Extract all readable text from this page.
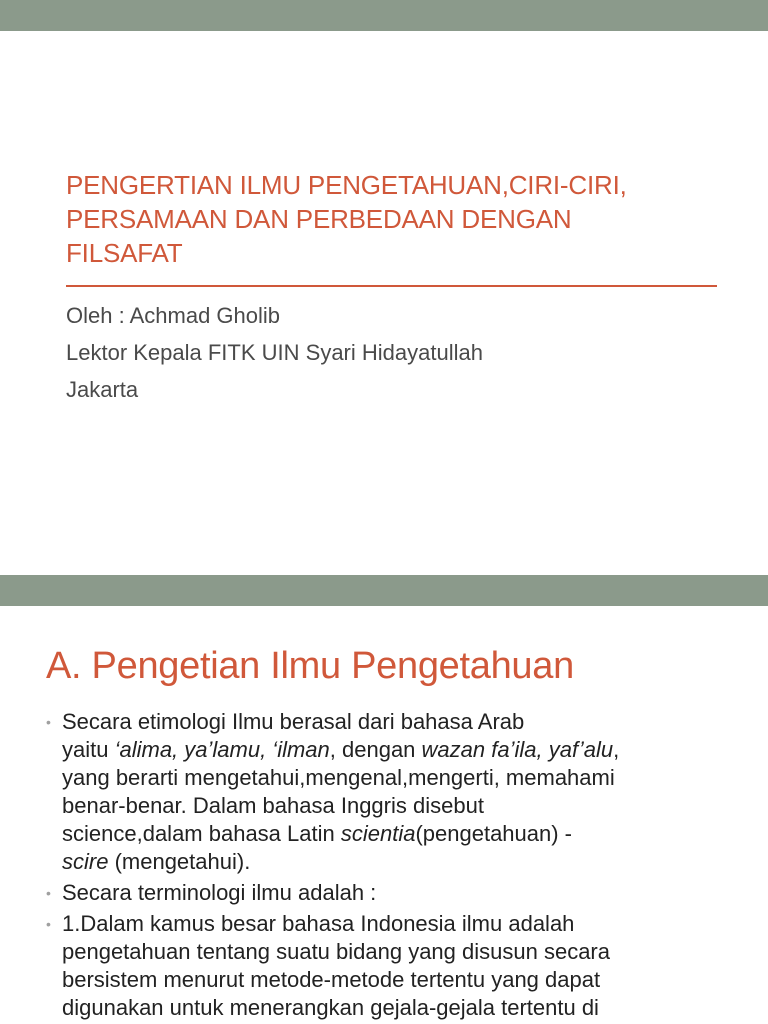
PENGERTIAN ILMU PENGETAHUAN,CIRI-CIRI,
PERSAMAAN DAN PERBEDAAN DENGAN
FILSAFAT
Oleh : Achmad Gholib
Lektor Kepala FITK UIN Syari Hidayatullah
Jakarta
A. Pengetian Ilmu Pengetahuan
• Secara etimologi Ilmu berasal dari bahasa Arab
yaitu ‘alima, ya’lamu, ‘ilman, dengan wazan fa’ila, yaf’alu,
yang berarti mengetahui,mengenal,mengerti, memahami
benar-benar. Dalam bahasa Inggris disebut
science,dalam bahasa Latin scientia(pengetahuan) -
scire (mengetahui).
• Secara terminologi ilmu adalah :
• 1.Dalam kamus besar bahasa Indonesia ilmu adalah
pengetahuan tentang suatu bidang yang disusun secara
bersistem menurut metode-metode tertentu yang dapat
digunakan untuk menerangkan gejala-gejala tertentu di
